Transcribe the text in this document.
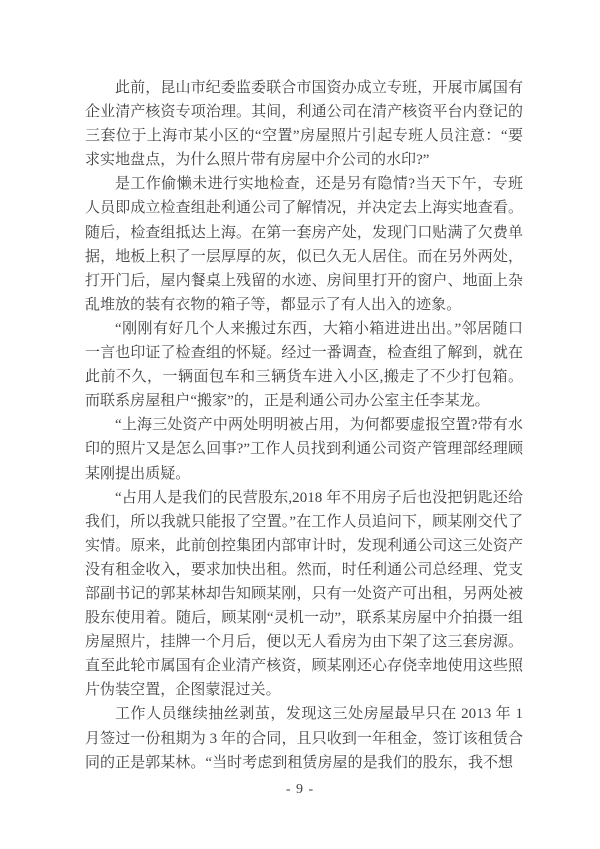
此前，昆山市纪委监委联合市国资办成立专班，开展市属国有企业清产核资专项治理。其间，利通公司在清产核资平台内登记的三套位于上海市某小区的“空置”房屋照片引起专班人员注意：“要求实地盘点，为什么照片带有房屋中介公司的水印?”

是工作偷懒未进行实地检查，还是另有隐情?当天下午，专班人员即成立检查组赴利通公司了解情况，并决定去上海实地查看。随后，检查组抵达上海。在第一套房产处，发现门口贴满了欠费单据，地板上积了一层厚厚的灰，似已久无人居住。而在另外两处，打开门后，屋内餐桌上残留的水迹、房间里打开的窗户、地面上杂乱堆放的装有衣物的箱子等，都显示了有人出入的迹象。

“刚刚有好几个人来搬过东西，大箱小箱进进出出。”邻居随口一言也印证了检查组的怀疑。经过一番调查，检查组了解到，就在此前不久，一辆面包车和三辆货车进入小区,搬走了不少打包箱。而联系房屋租户“搬家”的，正是利通公司办公室主任李某龙。

“上海三处资产中两处明明被占用，为何都要虚报空置?带有水印的照片又是怎么回事?”工作人员找到利通公司资产管理部经理顾某刚提出质疑。

“占用人是我们的民营股东,2018 年不用房子后也没把钥匙还给我们，所以我就只能报了空置。”在工作人员追问下，顾某刚交代了实情。原来，此前创控集团内部审计时，发现利通公司这三处资产没有租金收入，要求加快出租。然而，时任利通公司总经理、党支部副书记的郭某林却告知顾某刚，只有一处资产可出租，另两处被股东使用着。随后，顾某刚“灵机一动”，联系某房屋中介拍摄一组房屋照片，挂牌一个月后，便以无人看房为由下架了这三套房源。直至此轮市属国有企业清产核资，顾某刚还心存侥幸地使用这些照片伪装空置，企图蒙混过关。

工作人员继续抽丝剥茧，发现这三处房屋最早只在 2013 年 1 月签过一份租期为 3 年的合同，且只收到一年租金，签订该租赁合同的正是郭某林。“当时考虑到租赁房屋的是我们的股东，我不想

- 9 -
